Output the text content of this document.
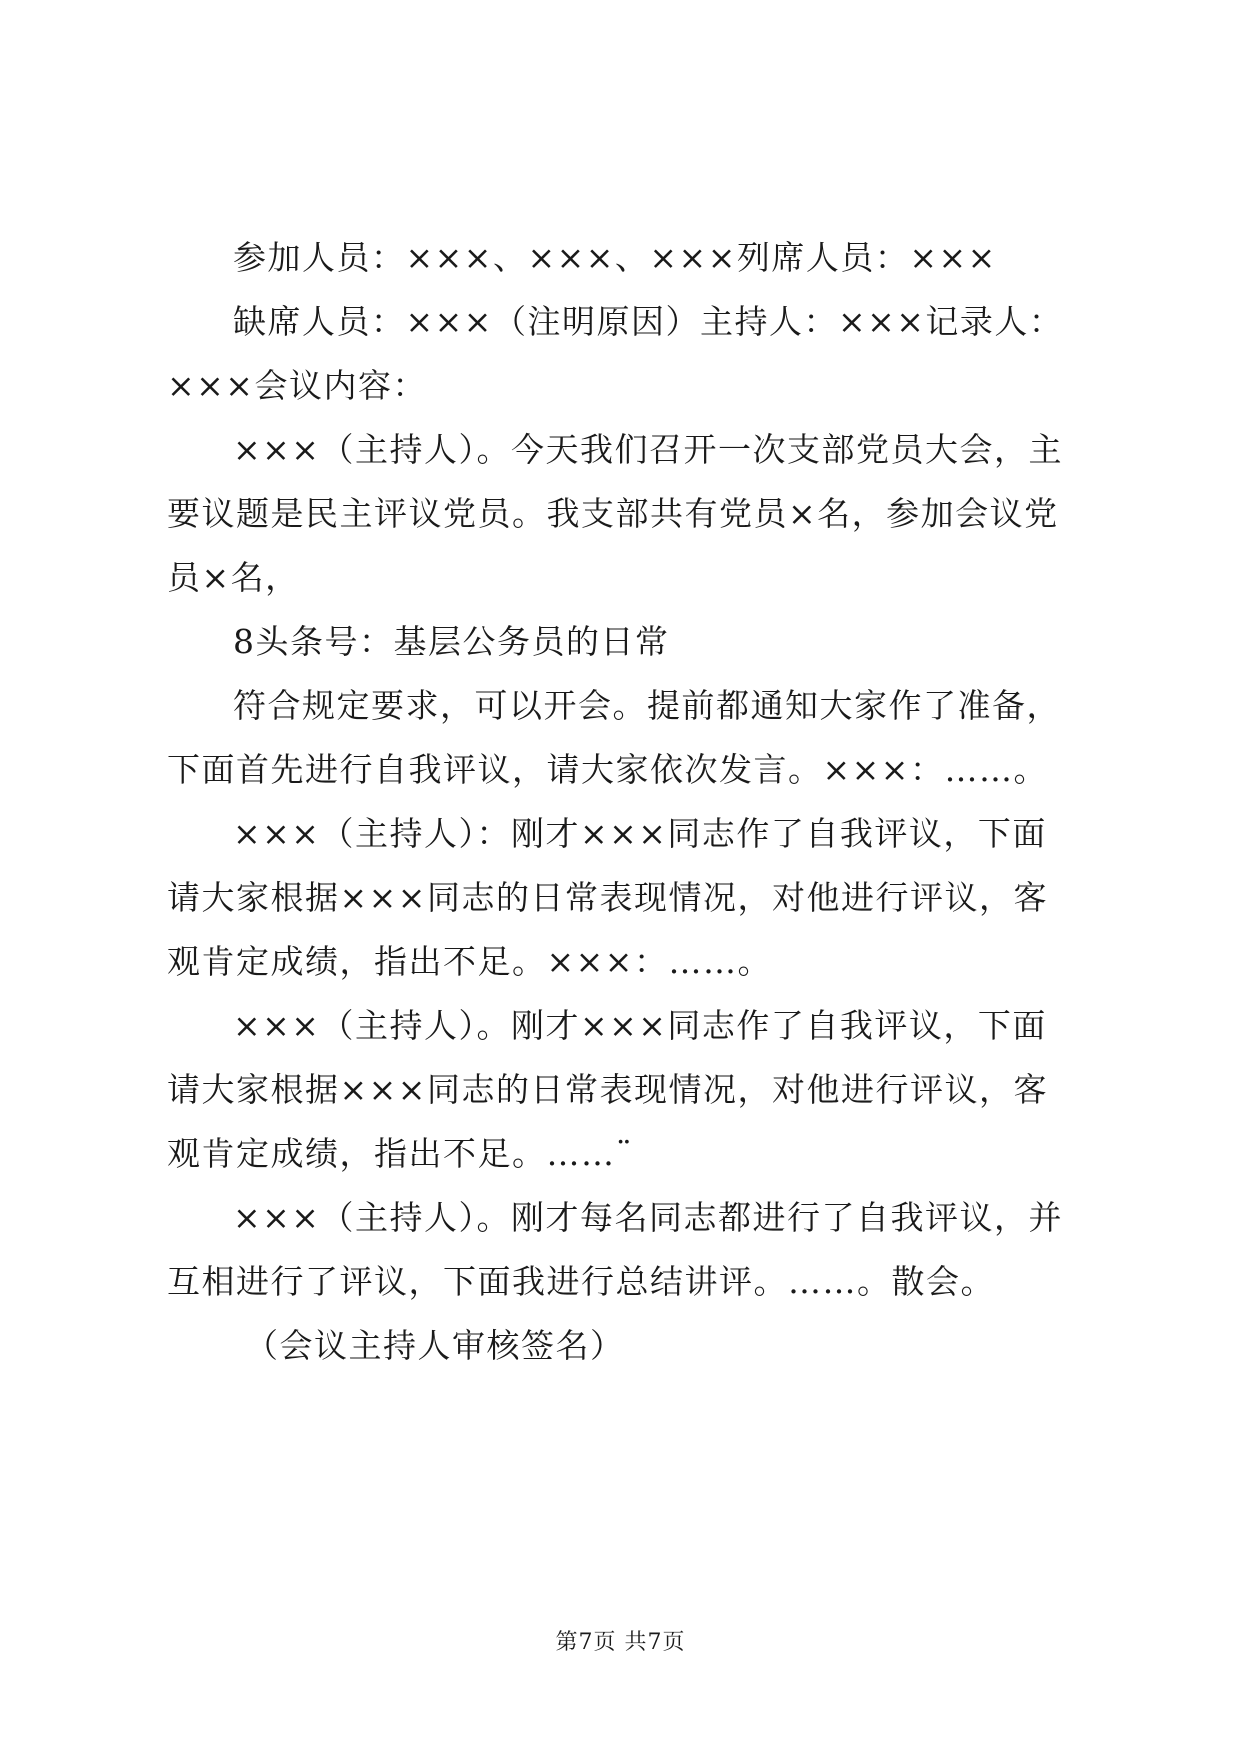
参加人员：×××、×××、×××列席人员：×××

缺席人员：×××（注明原因）主持人：×××记录人：×××会议内容：

×××（主持人）。今天我们召开一次支部党员大会，主要议题是民主评议党员。我支部共有党员×名，参加会议党员×名，

8头条号：基层公务员的日常

符合规定要求，可以开会。提前都通知大家作了准备，下面首先进行自我评议，请大家依次发言。×××：……。

×××（主持人）：刚才×××同志作了自我评议，下面请大家根据×××同志的日常表现情况，对他进行评议，客观肯定成绩，指出不足。×××：……。

×××（主持人）。刚才×××同志作了自我评议，下面请大家根据×××同志的日常表现情况，对他进行评议，客观肯定成绩，指出不足。……¨

×××（主持人）。刚才每名同志都进行了自我评议，并互相进行了评议，下面我进行总结讲评。……。散会。

（会议主持人审核签名）

第7页 共7页
